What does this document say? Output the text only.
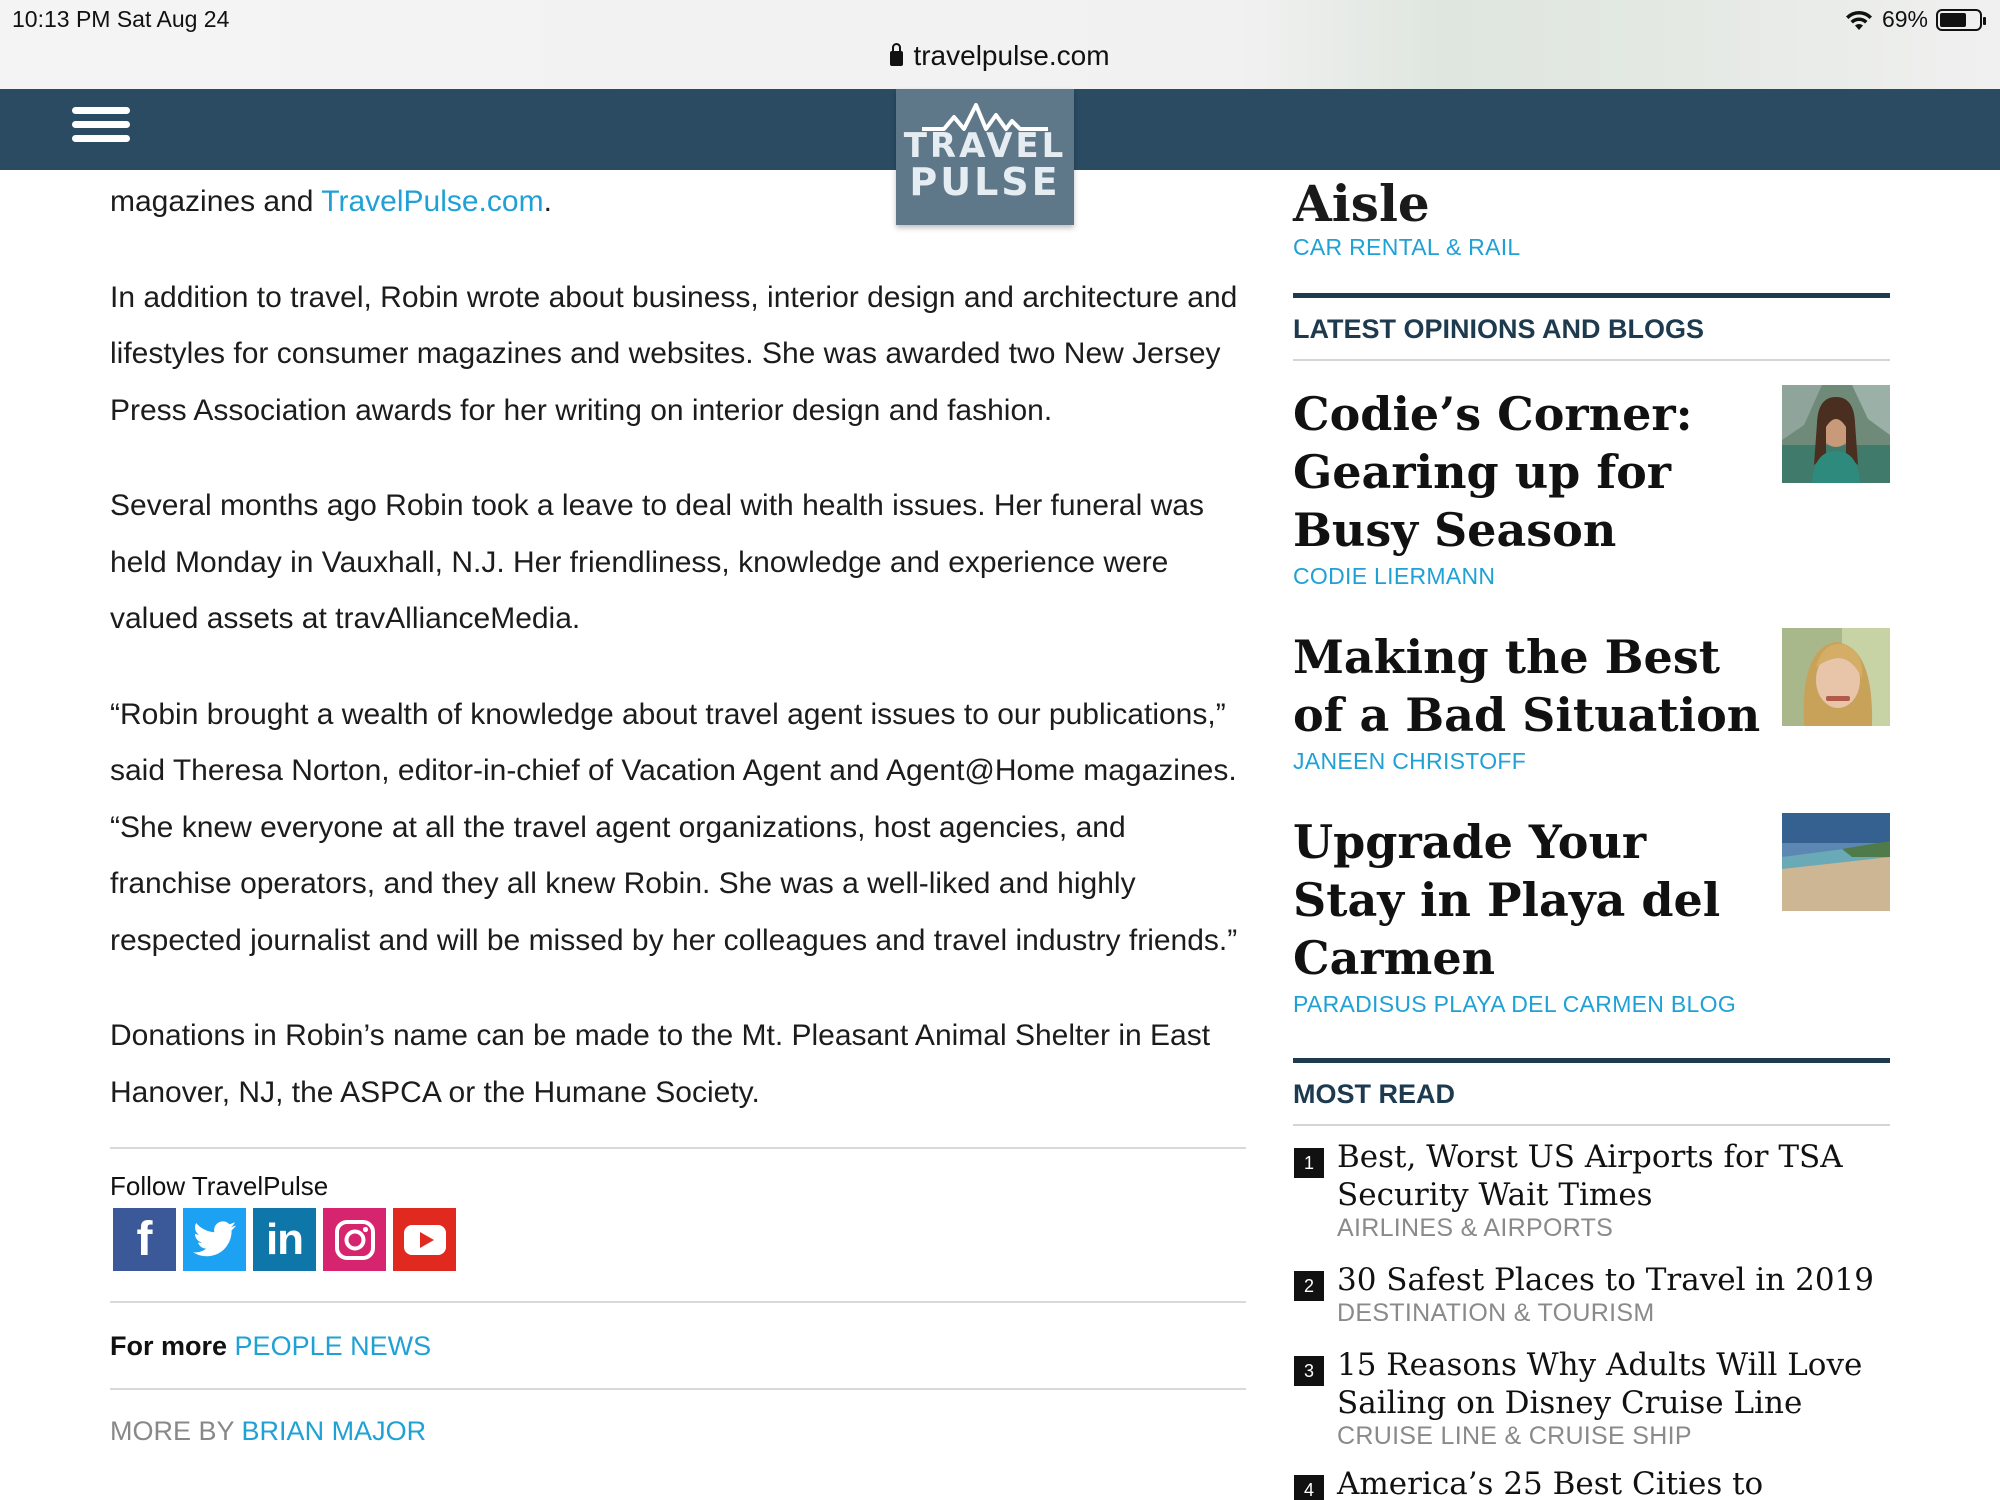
10:13 PM Sat Aug 24	69%
travelpulse.com
TRAVEL
PULSE

magazines and TravelPulse.com.

In addition to travel, Robin wrote about business, interior design and architecture and lifestyles for consumer magazines and websites. She was awarded two New Jersey Press Association awards for her writing on interior design and fashion.

Several months ago Robin took a leave to deal with health issues. Her funeral was held Monday in Vauxhall, N.J. Her friendliness, knowledge and experience were valued assets at travAllianceMedia.

“Robin brought a wealth of knowledge about travel agent issues to our publications,” said Theresa Norton, editor-in-chief of Vacation Agent and Agent@Home magazines. “She knew everyone at all the travel agent organizations, host agencies, and franchise operators, and they all knew Robin. She was a well-liked and highly respected journalist and will be missed by her colleagues and travel industry friends.”

Donations in Robin’s name can be made to the Mt. Pleasant Animal Shelter in East Hanover, NJ, the ASPCA or the Humane Society.

Follow TravelPulse
f	in
For more PEOPLE NEWS
MORE BY BRIAN MAJOR
Aisle
CAR RENTAL & RAIL
LATEST OPINIONS AND BLOGS
Codie’s Corner: Gearing up for Busy Season
CODIE LIERMANN
Making the Best of a Bad Situation
JANEEN CHRISTOFF
Upgrade Your Stay in Playa del Carmen
PARADISUS PLAYA DEL CARMEN BLOG
MOST READ
1 Best, Worst US Airports for TSA Security Wait Times
AIRLINES & AIRPORTS
2 30 Safest Places to Travel in 2019
DESTINATION & TOURISM
3 15 Reasons Why Adults Will Love Sailing on Disney Cruise Line
CRUISE LINE & CRUISE SHIP
4 America’s 25 Best Cities to
